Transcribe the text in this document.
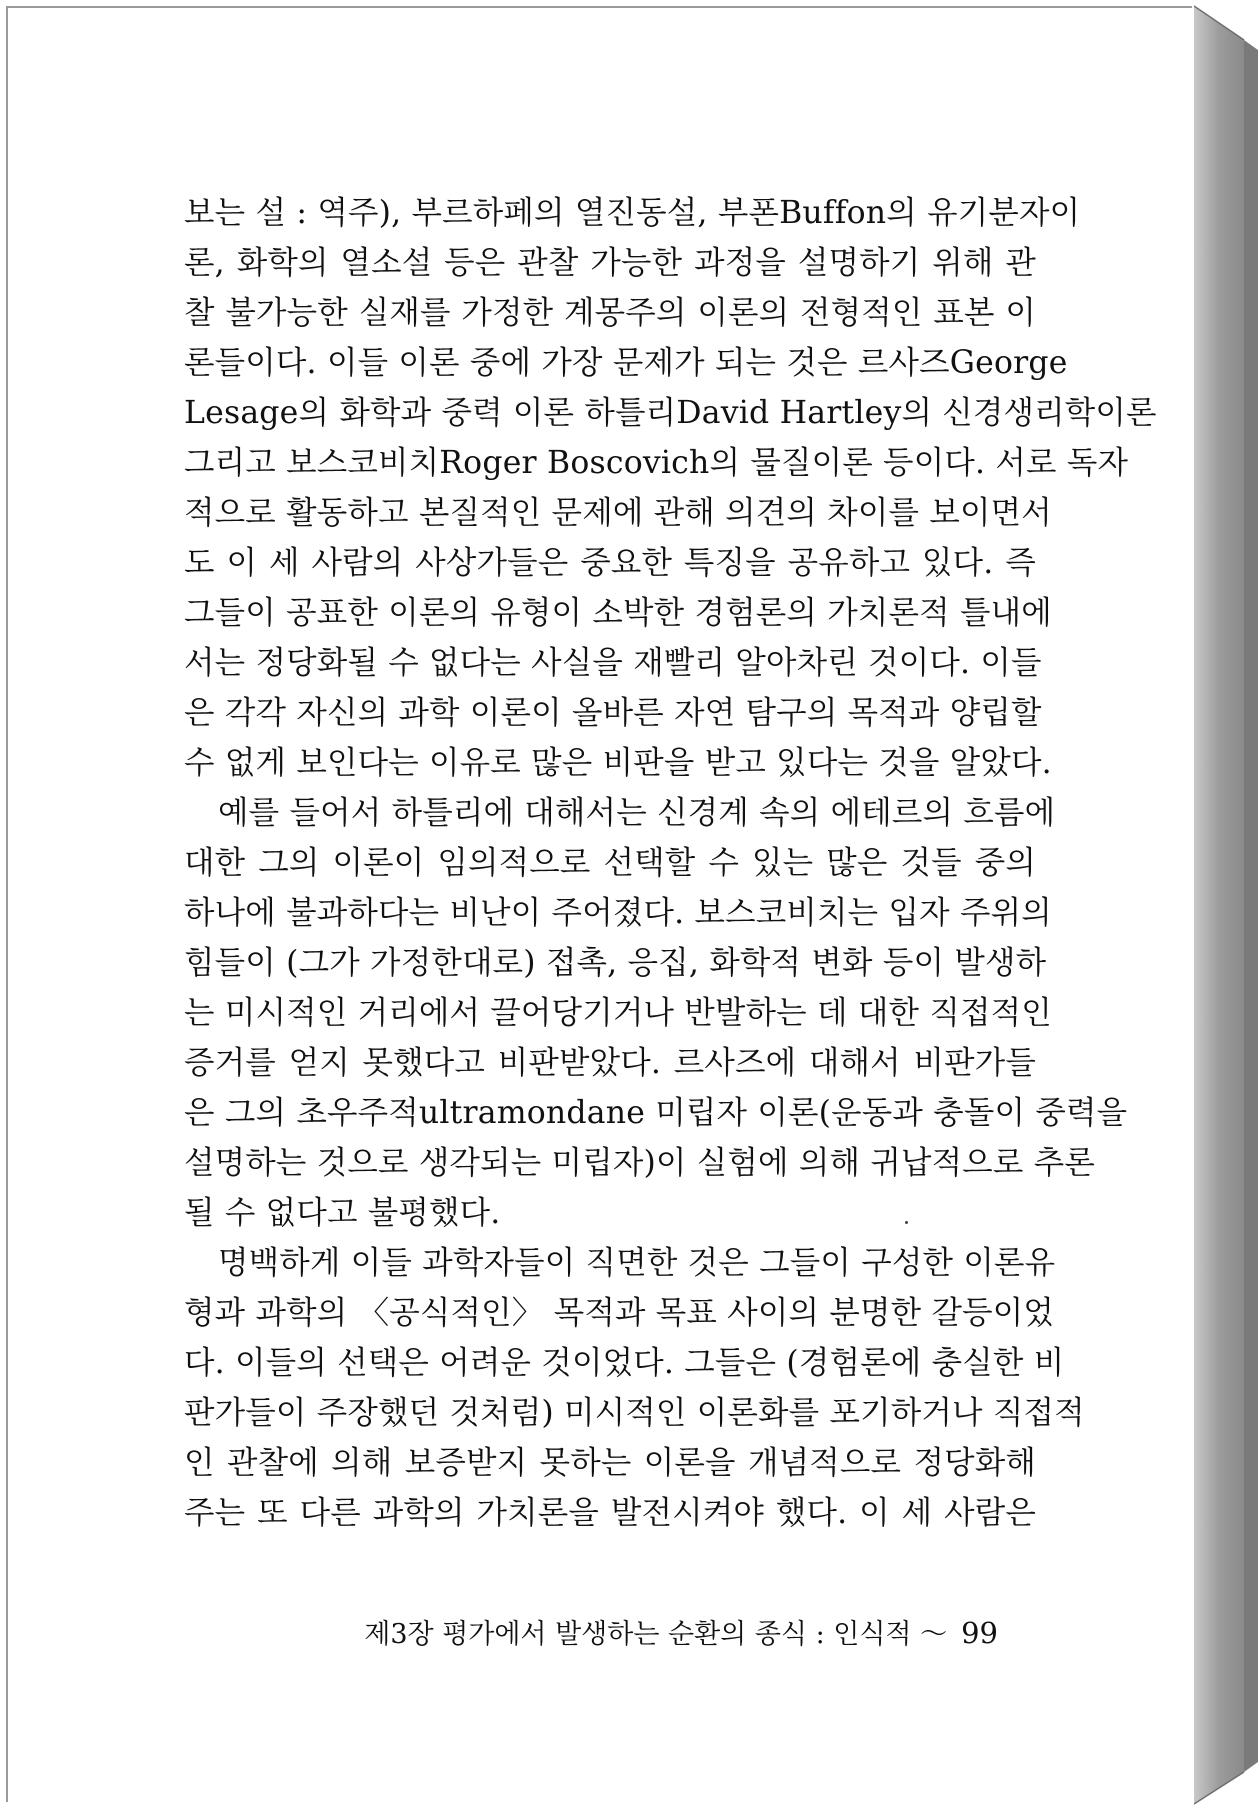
보는 설 : 역주), 부르하페의 열진동설, 부폰Buffon의 유기분자이
론, 화학의 열소설 등은 관찰 가능한 과정을 설명하기 위해 관
찰 불가능한 실재를 가정한 계몽주의 이론의 전형적인 표본 이
론들이다. 이들 이론 중에 가장 문제가 되는 것은 르사즈George
Lesage의 화학과 중력 이론 하틀리David Hartley의 신경생리학이론
그리고 보스코비치Roger Boscovich의 물질이론 등이다. 서로 독자
적으로 활동하고 본질적인 문제에 관해 의견의 차이를 보이면서
도 이 세 사람의 사상가들은 중요한 특징을 공유하고 있다. 즉
그들이 공표한 이론의 유형이 소박한 경험론의 가치론적 틀내에
서는 정당화될 수 없다는 사실을 재빨리 알아차린 것이다. 이들
은 각각 자신의 과학 이론이 올바른 자연 탐구의 목적과 양립할
수 없게 보인다는 이유로 많은 비판을 받고 있다는 것을 알았다.
예를 들어서 하틀리에 대해서는 신경계 속의 에테르의 흐름에
대한 그의 이론이 임의적으로 선택할 수 있는 많은 것들 중의
하나에 불과하다는 비난이 주어졌다. 보스코비치는 입자 주위의
힘들이 (그가 가정한대로) 접촉, 응집, 화학적 변화 등이 발생하
는 미시적인 거리에서 끌어당기거나 반발하는 데 대한 직접적인
증거를 얻지 못했다고 비판받았다. 르사즈에 대해서 비판가들
은 그의 초우주적ultramondane 미립자 이론(운동과 충돌이 중력을
설명하는 것으로 생각되는 미립자)이 실험에 의해 귀납적으로 추론
될 수 없다고 불평했다.
명백하게 이들 과학자들이 직면한 것은 그들이 구성한 이론유
형과 과학의 〈공식적인〉 목적과 목표 사이의 분명한 갈등이었
다. 이들의 선택은 어려운 것이었다. 그들은 (경험론에 충실한 비
판가들이 주장했던 것처럼) 미시적인 이론화를 포기하거나 직접적
인 관찰에 의해 보증받지 못하는 이론을 개념적으로 정당화해
주는 또 다른 과학의 가치론을 발전시켜야 했다. 이 세 사람은
제3장 평가에서 발생하는 순환의 종식 : 인식적 ～ 99
